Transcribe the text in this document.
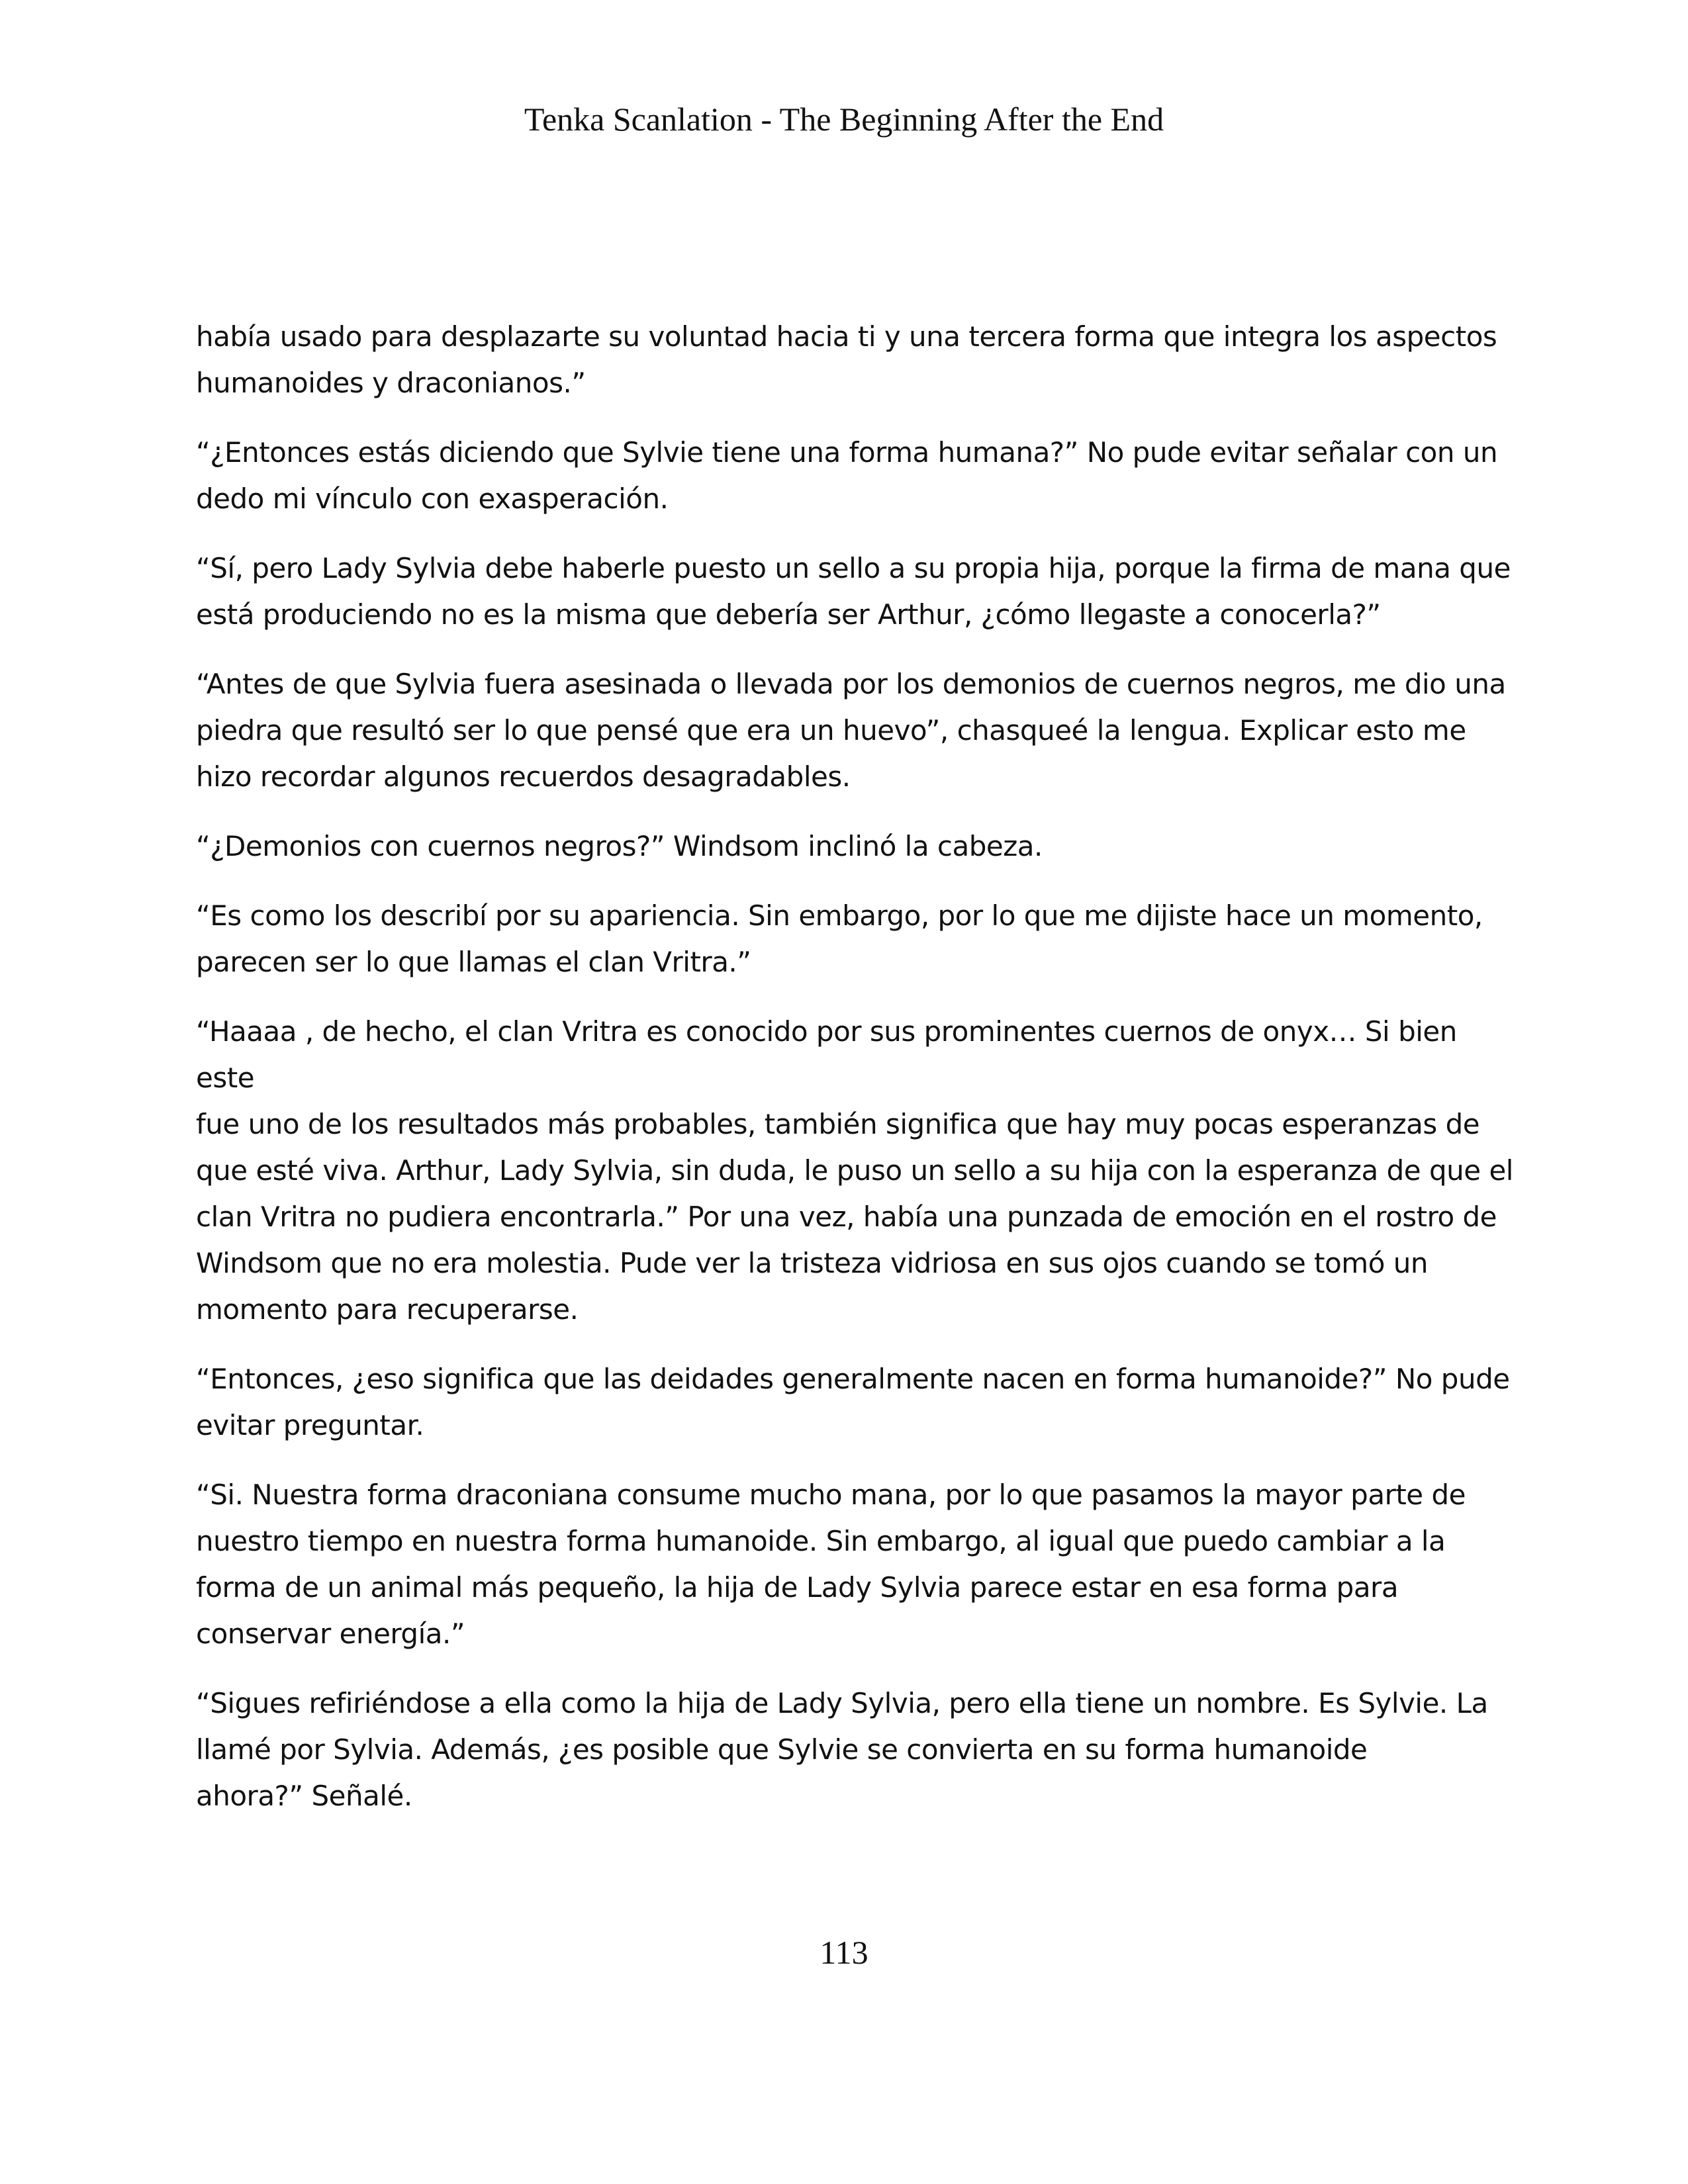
Tenka Scanlation - The Beginning After the End

había usado para desplazarte su voluntad hacia ti y una tercera forma que integra los aspectos
humanoides y draconianos.”

“¿Entonces estás diciendo que Sylvie tiene una forma humana?” No pude evitar señalar con un
dedo mi vínculo con exasperación.

“Sí, pero Lady Sylvia debe haberle puesto un sello a su propia hija, porque la firma de mana que
está produciendo no es la misma que debería ser Arthur, ¿cómo llegaste a conocerla?”

“Antes de que Sylvia fuera asesinada o llevada por los demonios de cuernos negros, me dio una
piedra que resultó ser lo que pensé que era un huevo”, chasqueé la lengua. Explicar esto me
hizo recordar algunos recuerdos desagradables.

“¿Demonios con cuernos negros?” Windsom inclinó la cabeza.

“Es como los describí por su apariencia. Sin embargo, por lo que me dijiste hace un momento,
parecen ser lo que llamas el clan Vritra.”

“Haaaa , de hecho, el clan Vritra es conocido por sus prominentes cuernos de onyx… Si bien este
fue uno de los resultados más probables, también significa que hay muy pocas esperanzas de
que esté viva. Arthur, Lady Sylvia, sin duda, le puso un sello a su hija con la esperanza de que el
clan Vritra no pudiera encontrarla.” Por una vez, había una punzada de emoción en el rostro de
Windsom que no era molestia. Pude ver la tristeza vidriosa en sus ojos cuando se tomó un
momento para recuperarse.

“Entonces, ¿eso significa que las deidades generalmente nacen en forma humanoide?” No pude
evitar preguntar.

“Si. Nuestra forma draconiana consume mucho mana, por lo que pasamos la mayor parte de
nuestro tiempo en nuestra forma humanoide. Sin embargo, al igual que puedo cambiar a la
forma de un animal más pequeño, la hija de Lady Sylvia parece estar en esa forma para
conservar energía.”

“Sigues refiriéndose a ella como la hija de Lady Sylvia, pero ella tiene un nombre. Es Sylvie. La
llamé por Sylvia. Además, ¿es posible que Sylvie se convierta en su forma humanoide
ahora?” Señalé.

113
